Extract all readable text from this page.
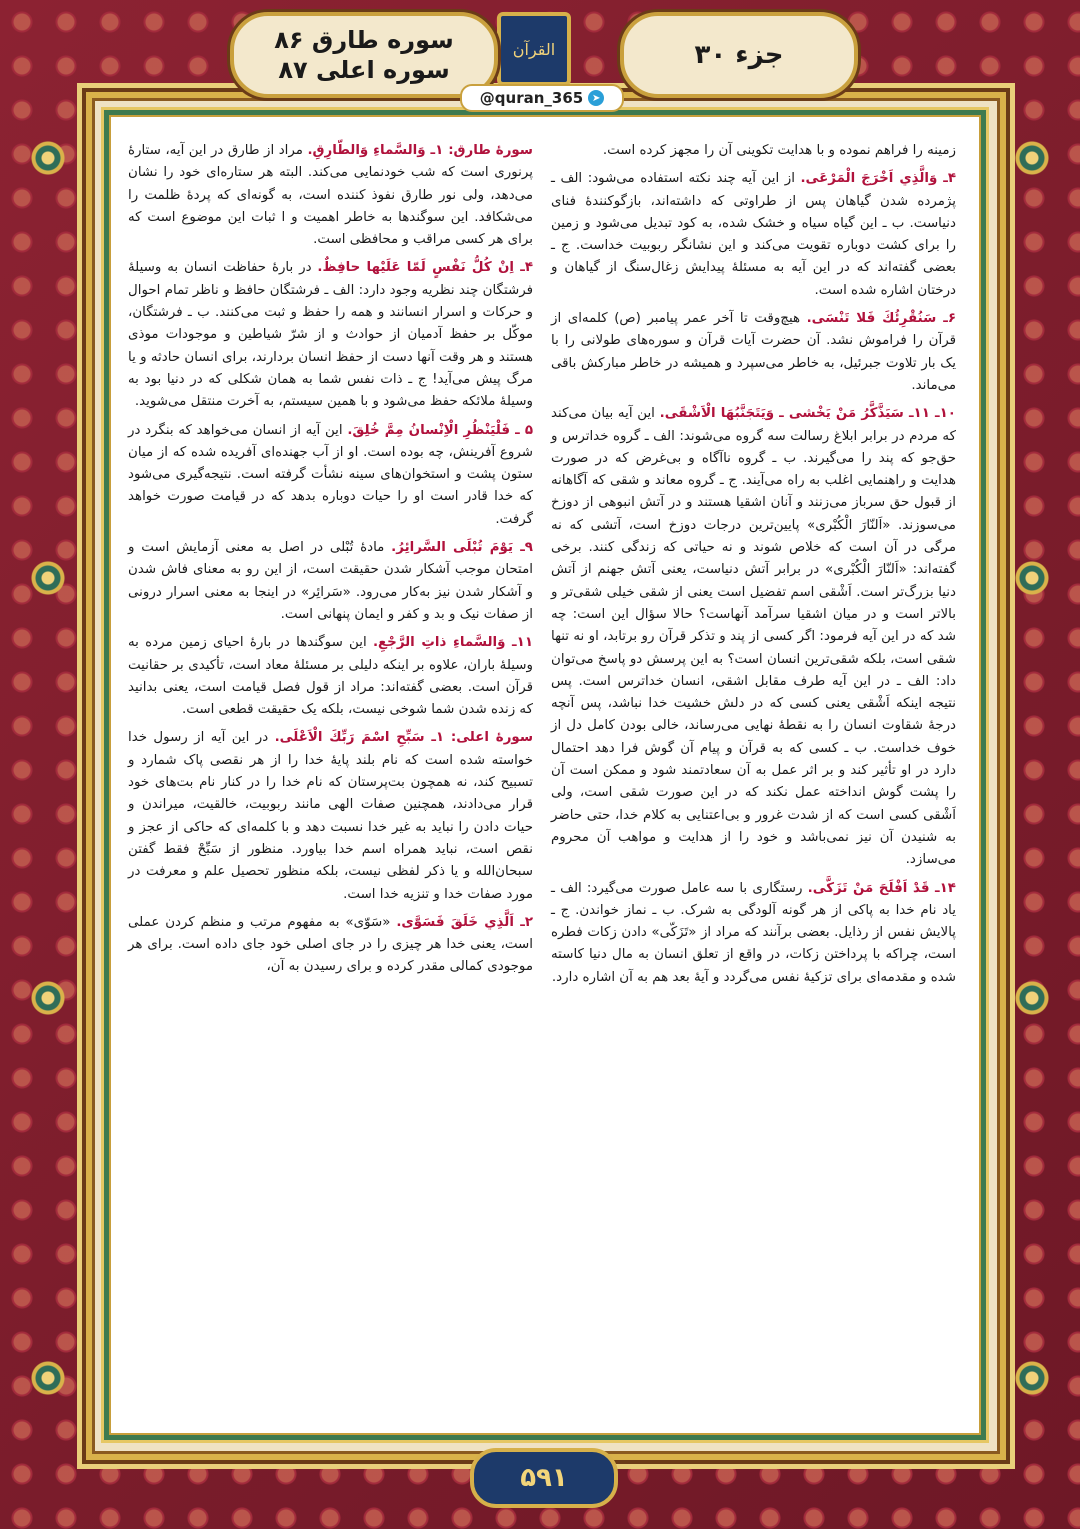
جزء ۳۰
القرآن
سوره طارق ۸۶
سوره اعلی ۸۷
@quran_365 ➤

سورهٔ طارق: ۱ـ وَالسَّماءِ وَالطّارِقِ. مراد از طارق در این آیه، ستارهٔ پرنوری است که شب خودنمایی می‌کند. البته هر ستاره‌ای خود را نشان می‌دهد، ولی نور طارق نفوذ کننده است، به گونه‌ای که پردهٔ ظلمت را می‌شکافد. این سوگندها به خاطر اهمیت و ا ثبات این موضوع است که برای هر کسی مراقب و محافظی است.

۴ـ اِنْ كُلُّ نَفْسٍ لَمّا عَلَيْها حافِظٌ. در بارهٔ حفاظت انسان به وسیلهٔ فرشتگان چند نظریه وجود دارد: الف ـ فرشتگان حافظ و ناظر تمام احوال و حرکات و اسرار انسانند و همه را حفظ و ثبت می‌کنند. ب ـ فرشتگان، موکّل بر حفظ آدمیان از حوادث و از شرّ شیاطین و موجودات موذی هستند و هر وقت آنها دست از حفظ انسان بردارند، برای انسان حادثه و یا مرگ پیش می‌آید! ج ـ ذات نفس شما به همان شکلی که در دنیا بود به وسیلهٔ ملائکه حفظ می‌شود و با همین سیستم، به آخرت منتقل می‌شوید.

۵ ـ فَلْيَنْظُرِ الْاِنْسانُ مِمَّ خُلِقَ. این آیه از انسان می‌خواهد که بنگرد در شروع آفرینش، چه بوده است. او از آب جهنده‌ای آفریده شده که از میان ستون پشت و استخوان‌های سینه نشأت گرفته است. نتیجه‌گیری می‌شود که خدا قادر است او را حیات دوباره بدهد که در قیامت صورت خواهد گرفت.

۹ـ يَوْمَ تُبْلَى السَّرائِرُ. مادهٔ تُبْلی در اصل به معنی آزمایش است و امتحان موجب آشکار شدن حقیقت است، از این رو به معنای فاش شدن و آشکار شدن نیز به‌کار می‌رود. «سَرائِر» در اینجا به معنی اسرار درونی از صفات نیک و بد و کفر و ایمان پنهانی است.

۱۱ـ وَالسَّماءِ ذاتِ الرَّجْعِ. این سوگندها در بارهٔ احیای زمین مرده به وسیلهٔ باران، علاوه بر اینکه دلیلی بر مسئلهٔ معاد است، تأکیدی بر حقانیت قرآن است. بعضی گفته‌اند: مراد از قول فصل قیامت است، یعنی بدانید که زنده شدن شما شوخی نیست، بلکه یک حقیقت قطعی است.

سورهٔ اعلی: ۱ـ سَبِّحِ اسْمَ رَبِّكَ الْاَعْلَى. در این آیه از رسول خدا خواسته شده است که نام بلند پایهٔ خدا را از هر نقصی پاک شمارد و تسبیح کند، نه همچون بت‌پرستان که نام خدا را در کنار نام بت‌های خود قرار می‌دادند، همچنین صفات الهی مانند ربوبیت، خالقیت، میراندن و حیات دادن را نباید به غیر خدا نسبت دهد و با کلمه‌ای که حاکی از عجز و نقص است، نباید همراه اسم خدا بیاورد. منظور از سَبِّحْ فقط گفتن سبحان‌الله و یا ذکر لفظی نیست، بلکه منظور تحصیل علم و معرفت در مورد صفات خدا و تنزیه خدا است.

۲ـ اَلَّذِي خَلَقَ فَسَوَّى. «سَوّى» به مفهوم مرتب و منظم کردن عملی است، یعنی خدا هر چیزی را در جای اصلی خود جای داده است. برای هر موجودی کمالی مقدر کرده و برای رسیدن به آن،

زمینه را فراهم نموده و با هدایت تکوینی آن را مجهز کرده است.

۴ـ وَالَّذِي اَخْرَجَ الْمَرْعَى. از این آیه چند نکته استفاده می‌شود: الف ـ پژمرده شدن گیاهان پس از طراوتی که داشته‌اند، بازگوکنندهٔ فنای دنیاست. ب ـ این گیاه سیاه و خشک شده، به کود تبدیل می‌شود و زمین را برای کشت دوباره تقویت می‌کند و این نشانگر ربوبیت خداست. ج ـ بعضی گفته‌اند که در این آیه به مسئلهٔ پیدایش زغال‌سنگ از گیاهان و درختان اشاره شده است.

۶ـ سَنُقْرِئُكَ فَلا تَنْسَى. هیچ‌وقت تا آخر عمر پیامبر (ص) کلمه‌ای از قرآن را فراموش نشد. آن حضرت آیات قرآن و سوره‌های طولانی را با یک بار تلاوت جبرئیل، به خاطر می‌سپرد و همیشه در خاطر مبارکش باقی می‌ماند.

۱۰ـ ۱۱ـ سَيَذَّكَّرُ مَنْ يَخْشى ـ وَيَتَجَنَّبُهَا الْاَشْقَى. این آیه بیان می‌کند که مردم در برابر ابلاغ رسالت سه گروه می‌شوند: الف ـ گروه خداترس و حق‌جو که پند را می‌گیرند. ب ـ گروه ناآگاه و بی‌غرض که در صورت هدایت و راهنمایی اغلب به راه می‌آیند. ج ـ گروه معاند و شقی که آگاهانه از قبول حق سرباز می‌زنند و آنان اشقیا هستند و در آتش انبوهی از دوزخ می‌سوزند. «اَلنّارَ الْكُبْرى» پایین‌ترین درجات دوزخ است، آتشی که نه مرگی در آن است که خلاص شوند و نه حیاتی که زندگی کنند. برخی گفته‌اند: «اَلنّارَ الْكُبْرى» در برابر آتش دنیاست، یعنی آتش جهنم از آتش دنیا بزرگ‌تر است. اَشْقى اسم تفضیل است یعنی از شقی خیلی شقی‌تر و بالاتر است و در میان اشقیا سرآمد آنهاست؟ حالا سؤال این است: چه شد که در این آیه فرمود: اگر کسی از پند و تذکر قرآن رو برتابد، او نه تنها شقی است، بلکه شقی‌ترین انسان است؟ به این پرسش دو پاسخ می‌توان داد: الف ـ در این آیه طرف مقابل اشقی، انسان خداترس است. پس نتیجه اینکه اَشْقى یعنی کسی که در دلش خشیت خدا نباشد، پس آنچه درجهٔ شقاوت انسان را به نقطهٔ نهایی می‌رساند، خالی بودن کامل دل از خوف خداست. ب ـ کسی که به قرآن و پیام آن گوش فرا دهد احتمال دارد در او تأثیر کند و بر اثر عمل به آن سعادتمند شود و ممکن است آن را پشت گوش انداخته عمل نکند که در این صورت شقی است، ولی اَشْقى کسی است که از شدت غرور و بی‌اعتنایی به کلام خدا، حتی حاضر به شنیدن آن نیز نمی‌باشد و خود را از هدایت و مواهب آن محروم می‌سازد.

۱۴ـ قَدْ اَفْلَحَ مَنْ تَزَكَّى. رستگاری با سه عامل صورت می‌گیرد: الف ـ یاد نام خدا به پاکی از هر گونه آلودگی به شرک. ب ـ نماز خواندن. ج ـ پالایش نفس از رذایل. بعضی برآنند که مراد از «تَزَكّى» دادن زکات فطره است، چراکه با پرداختن زکات، در واقع از تعلق انسان به مال دنیا کاسته شده و مقدمه‌ای برای تزکیهٔ نفس می‌گردد و آیهٔ بعد هم به آن اشاره دارد.

۵۹۱
